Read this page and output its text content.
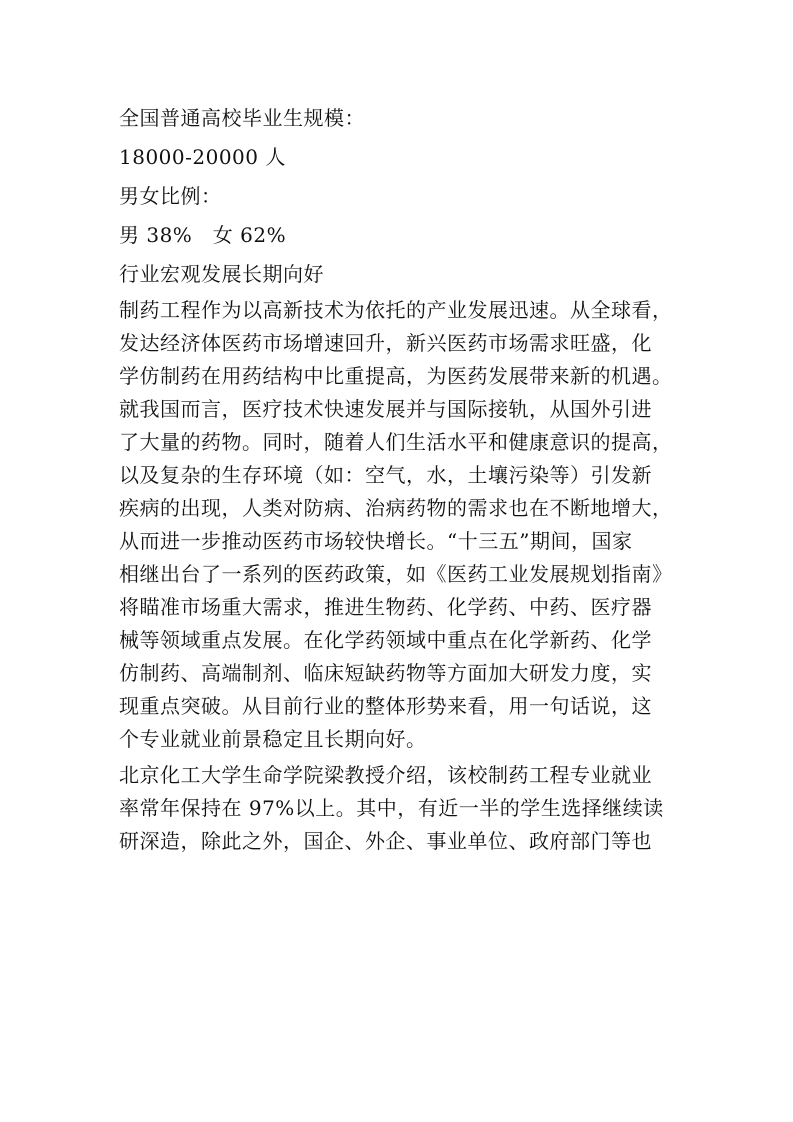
全国普通高校毕业生规模：
18000-20000 人
男女比例：
男 38%　女 62%
行业宏观发展长期向好
制药工程作为以高新技术为依托的产业发展迅速。从全球看，
发达经济体医药市场增速回升，新兴医药市场需求旺盛，化
学仿制药在用药结构中比重提高，为医药发展带来新的机遇。
就我国而言，医疗技术快速发展并与国际接轨，从国外引进
了大量的药物。同时，随着人们生活水平和健康意识的提高，
以及复杂的生存环境（如：空气，水，土壤污染等）引发新
疾病的出现，人类对防病、治病药物的需求也在不断地增大，
从而进一步推动医药市场较快增长。“十三五”期间，国家
相继出台了一系列的医药政策，如《医药工业发展规划指南》
将瞄准市场重大需求，推进生物药、化学药、中药、医疗器
械等领域重点发展。在化学药领域中重点在化学新药、化学
仿制药、高端制剂、临床短缺药物等方面加大研发力度，实
现重点突破。从目前行业的整体形势来看，用一句话说，这
个专业就业前景稳定且长期向好。
北京化工大学生命学院梁教授介绍，该校制药工程专业就业
率常年保持在 97%以上。其中，有近一半的学生选择继续读
研深造，除此之外，国企、外企、事业单位、政府部门等也
